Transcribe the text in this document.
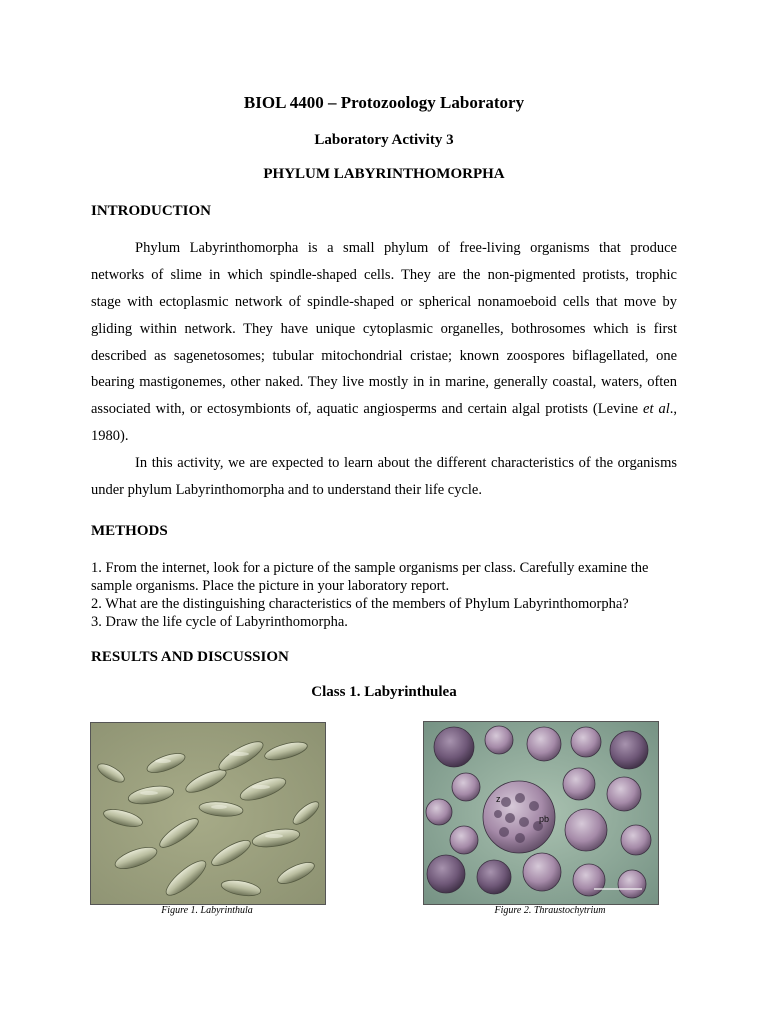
BIOL 4400 – Protozoology Laboratory
Laboratory Activity 3
PHYLUM LABYRINTHOMORPHA
INTRODUCTION
Phylum Labyrinthomorpha is a small phylum of free-living organisms that produce
networks of slime in which spindle-shaped cells. They are the non-pigmented protists, trophic
stage with ectoplasmic network of spindle-shaped or spherical nonamoeboid cells that move by
gliding within network. They have unique cytoplasmic organelles, bothrosomes which is first
described as sagenetosomes; tubular mitochondrial cristae; known zoospores biflagellated, one
bearing mastigonemes, other naked. They live mostly in in marine, generally coastal, waters, often
associated with, or ectosymbionts of, aquatic angiosperms and certain algal protists (Levine et al.,
1980).
In this activity, we are expected to learn about the different characteristics of the organisms
under phylum Labyrinthomorpha and to understand their life cycle.
METHODS
1. From the internet, look for a picture of the sample organisms per class. Carefully examine the
sample organisms. Place the picture in your laboratory report.
2. What are the distinguishing characteristics of the members of Phylum Labyrinthomorpha?
3. Draw the life cycle of Labyrinthomorpha.
RESULTS AND DISCUSSION
Class 1. Labyrinthulea
Figure 1. Labyrinthula
z
pb
Figure 2. Thraustochytrium
